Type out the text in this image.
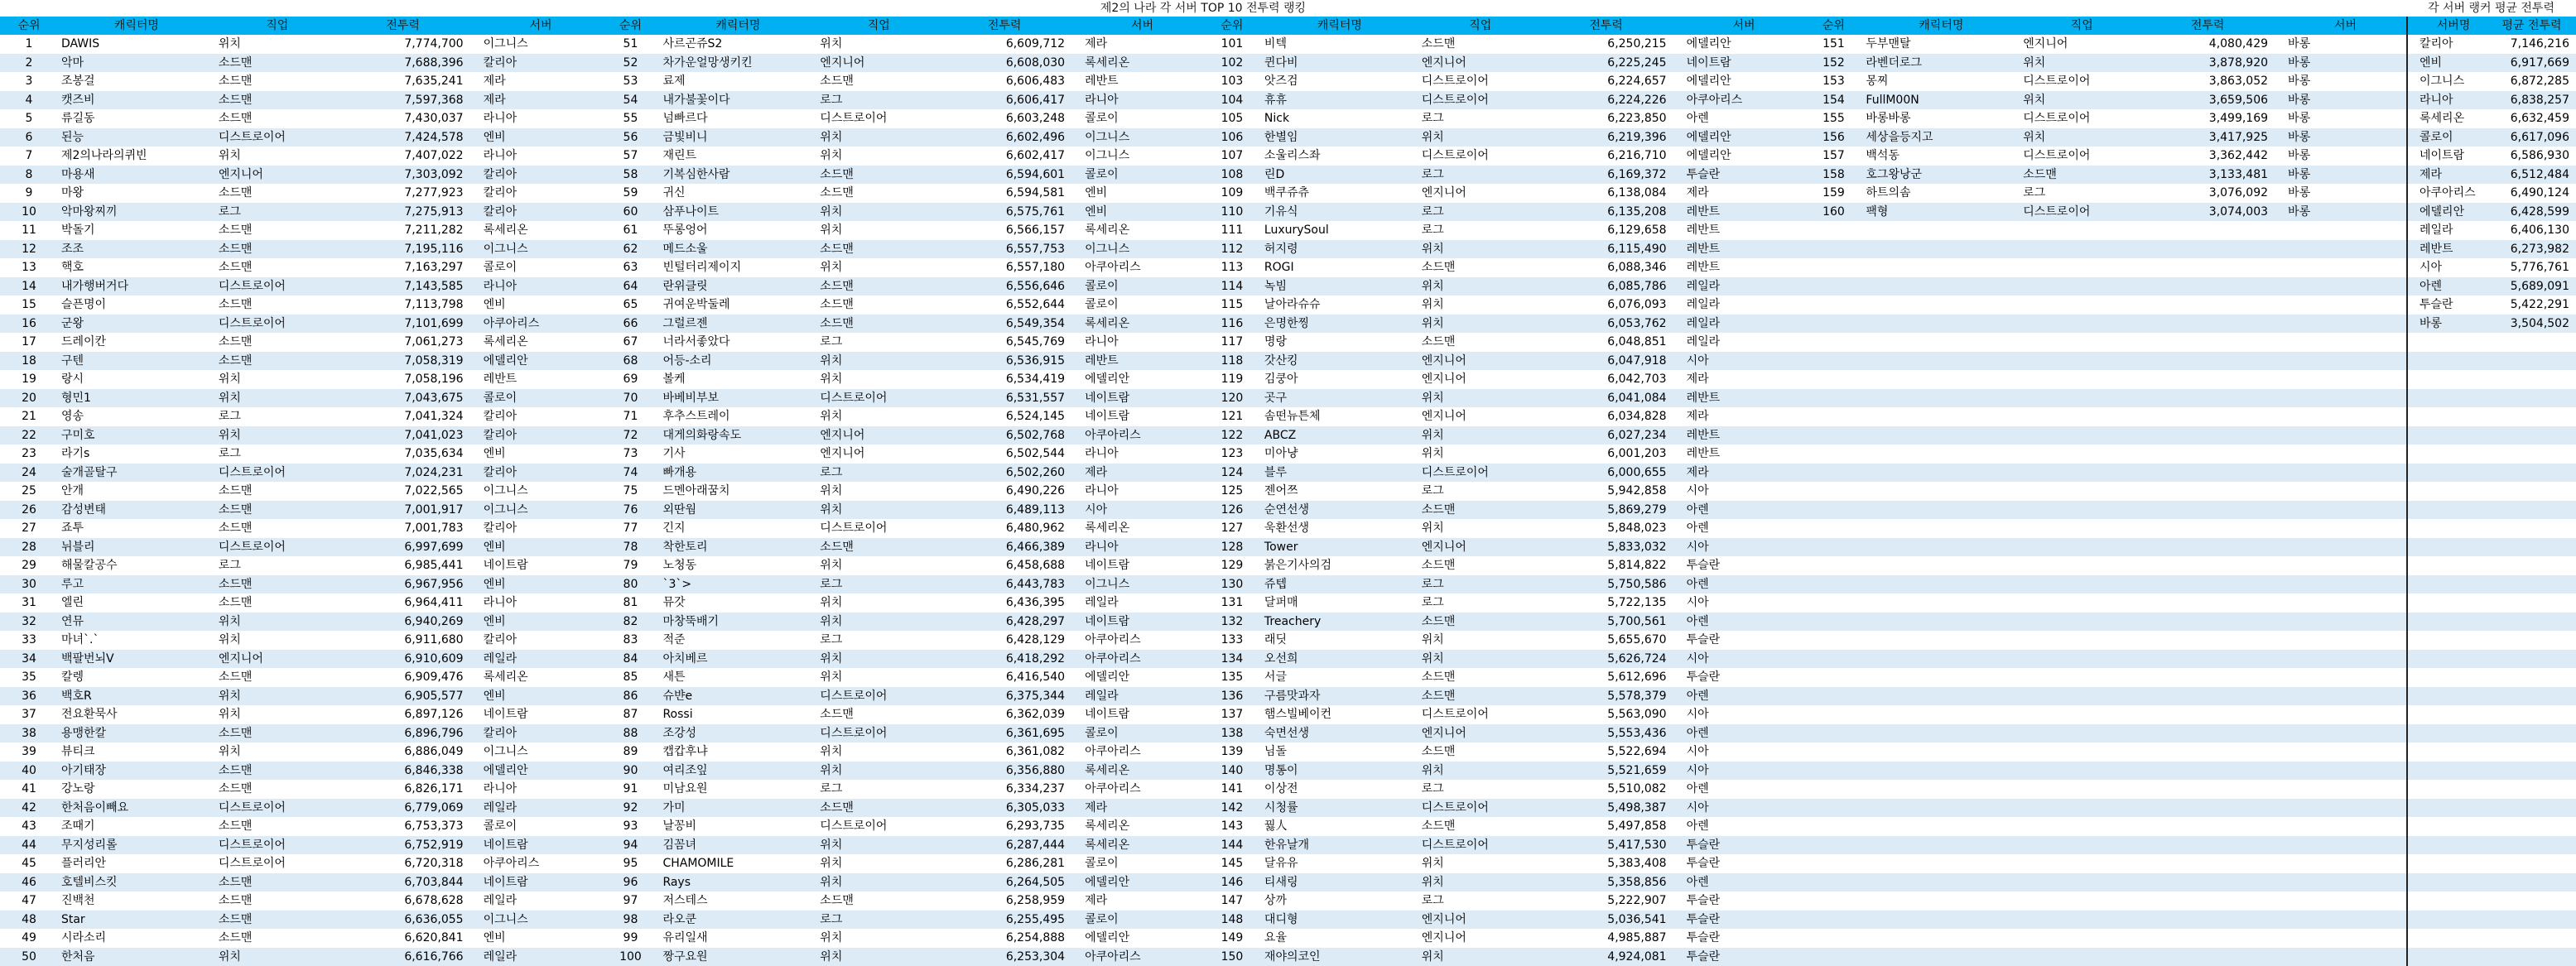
제2의 나라 각 서버 TOP 10 전투력 랭킹	각 서버 랭커 평균 전투력
순위	캐릭터명	직업	전투력	서버	순위	캐릭터명	직업	전투력	서버	순위	캐릭터명	직업	전투력	서버	순위	캐릭터명	직업	전투력	서버
1	DAWIS	위치	7,774,700	이그니스	51	사르곤쥬S2	위치	6,609,712	제라	101	비텍	소드맨	6,250,215	에델리안	151	두부맨탈	엔지니어	4,080,429	바롱
2	악마	소드맨	7,688,396	칼리아	52	차가운얼망생키킨	엔지니어	6,608,030	록세리온	102	퀸다비	엔지니어	6,225,245	네이트람	152	라벤더로그	위치	3,878,920	바롱
3	조봉걸	소드맨	7,635,241	제라	53	료제	소드맨	6,606,483	레반트	103	앗즈검	디스트로이어	6,224,657	에델리안	153	몽찌	디스트로이어	3,863,052	바롱
4	캣즈비	소드맨	7,597,368	제라	54	내가불꽃이다	로그	6,606,417	라니아	104	휴휴	디스트로이어	6,224,226	아쿠아리스	154	FullM00N	위치	3,659,506	바롱
5	류길동	소드맨	7,430,037	라니아	55	넘빠르다	디스트로이어	6,603,248	콜로이	105	Nick	로그	6,223,850	아렌	155	바롱바롱	디스트로이어	3,499,169	바롱
6	된능	디스트로이어	7,424,578	엔비	56	금빛비니	위치	6,602,496	이그니스	106	한별임	위치	6,219,396	에델리안	156	세상을등지고	위치	3,417,925	바롱
7	제2의나라의퀴빈	위치	7,407,022	라니아	57	재린트	위치	6,602,417	이그니스	107	소울리스좌	디스트로이어	6,216,710	에델리안	157	백석동	디스트로이어	3,362,442	바롱
8	마용새	엔지니어	7,303,092	칼리아	58	기복심한사람	소드맨	6,594,601	콜로이	108	린D	로그	6,169,372	투슬란	158	호그왕낭군	소드맨	3,133,481	바롱
9	마왕	소드맨	7,277,923	칼리아	59	귀신	소드맨	6,594,581	엔비	109	백쿠쥬츄	엔지니어	6,138,084	제라	159	하트의솜	로그	3,076,092	바롱
10	악마왕찌끼	로그	7,275,913	칼리아	60	삼푸나이트	위치	6,575,761	엔비	110	기유식	로그	6,135,208	레반트	160	팩형	디스트로이어	3,074,003	바롱
11	박돌기	소드맨	7,211,282	록세리온	61	뚜롱엉어	위치	6,566,157	록세리온	111	LuxurySoul	로그	6,129,658	레반트
12	조조	소드맨	7,195,116	이그니스	62	메드소울	소드맨	6,557,753	이그니스	112	허지령	위치	6,115,490	레반트
13	핵호	소드맨	7,163,297	콜로이	63	빈털터리제이지	위치	6,557,180	아쿠아리스	113	ROGI	소드맨	6,088,346	레반트
14	내가행버거다	디스트로이어	7,143,585	라니아	64	란위클릿	소드맨	6,556,646	콜로이	114	녹빔	위치	6,085,786	레일라
15	슬픈명이	소드맨	7,113,798	엔비	65	귀여운박둘레	소드맨	6,552,644	콜로이	115	날아라슈슈	위치	6,076,093	레일라
16	군왕	디스트로이어	7,101,699	아쿠아리스	66	그럴르젠	소드맨	6,549,354	록세리온	116	은명한찡	위치	6,053,762	레일라
17	드레이칸	소드맨	7,061,273	록세리온	67	너라서좋았다	로그	6,545,769	라니아	117	명랑	소드맨	6,048,851	레일라
18	구텐	소드맨	7,058,319	에델리안	68	어등-소리	위치	6,536,915	레반트	118	갓산킹	엔지니어	6,047,918	시아
19	랑시	위치	7,058,196	레반트	69	볼케	위치	6,534,419	에델리안	119	김쿵아	엔지니어	6,042,703	제라
20	형민1	위치	7,043,675	콜로이	70	바베비부보	디스트로이어	6,531,557	네이트람	120	곳구	위치	6,041,084	레반트
21	영송	로그	7,041,324	칼리아	71	후추스트레이	위치	6,524,145	네이트람	121	솜떤뉴튼체	엔지니어	6,034,828	제라
22	구미호	위치	7,041,023	칼리아	72	대게의화랑속도	엔지니어	6,502,768	아쿠아리스	122	ABCZ	위치	6,027,234	레반트
23	라기s	로그	7,035,634	엔비	73	기사	엔지니어	6,502,544	라니아	123	미아냥	위치	6,001,203	레반트
24	술개골탈구	디스트로이어	7,024,231	칼리아	74	빠개용	로그	6,502,260	제라	124	블루	디스트로이어	6,000,655	제라
25	안개	소드맨	7,022,565	이그니스	75	드멘아래꿈치	위치	6,490,226	라니아	125	젠어쯔	로그	5,942,858	시아
26	감성변태	소드맨	7,001,917	이그니스	76	외딴웜	위치	6,489,113	시아	126	순연선생	소드맨	5,869,279	아렌
27	죠투	소드맨	7,001,783	칼리아	77	긴지	디스트로이어	6,480,962	록세리온	127	욱환선생	위치	5,848,023	아렌
28	뉘블리	디스트로이어	6,997,699	엔비	78	착한토리	소드맨	6,466,389	라니아	128	Tower	엔지니어	5,833,032	시아
29	해물칼공수	로그	6,985,441	네이트람	79	노청동	위치	6,458,688	네이트람	129	붉은기사의검	소드맨	5,814,822	투슬란
30	루고	소드맨	6,967,956	엔비	80	`3`>	로그	6,443,783	이그니스	130	쥬텝	로그	5,750,586	아렌
31	엘린	소드맨	6,964,411	라니아	81	뮤갓	위치	6,436,395	레일라	131	달퍼매	로그	5,722,135	시아
32	연뮤	위치	6,940,269	엔비	82	마창뚝배기	위치	6,428,297	네이트람	132	Treachery	소드맨	5,700,561	아렌
33	마녀`.`	위치	6,911,680	칼리아	83	적준	로그	6,428,129	아쿠아리스	133	래딧	위치	5,655,670	투슬란
34	백팔번뇌V	엔지니어	6,910,609	레일라	84	아치베르	위치	6,418,292	아쿠아리스	134	오선희	위치	5,626,724	시아
35	칼렝	소드맨	6,909,476	록세리온	85	새튼	위치	6,416,540	에델리안	135	서글	소드맨	5,612,696	투슬란
36	백호R	위치	6,905,577	엔비	86	슈뱐e	디스트로이어	6,375,344	레일라	136	구름맛과자	소드맨	5,578,379	아렌
37	전요환묵사	위치	6,897,126	네이트람	87	Rossi	소드맨	6,362,039	네이트람	137	햄스빌베이컨	디스트로이어	5,563,090	시아
38	용맹한칼	소드맨	6,896,796	칼리아	88	조강성	디스트로이어	6,361,695	콜로이	138	숙면선생	엔지니어	5,553,436	아렌
39	뷰티크	위치	6,886,049	이그니스	89	캡캅후냐	위치	6,361,082	아쿠아리스	139	님돌	소드맨	5,522,694	시아
40	아기태장	소드맨	6,846,338	에델리안	90	여리조잎	위치	6,356,880	록세리온	140	명통이	위치	5,521,659	시아
41	강노랑	소드맨	6,826,171	라니아	91	미남요원	로그	6,334,237	아쿠아리스	141	이상전	로그	5,510,082	아렌
42	한처음이빼요	디스트로이어	6,779,069	레일라	92	가미	소드맨	6,305,033	제라	142	시청률	디스트로이어	5,498,387	시아
43	조때기	소드맨	6,753,373	콜로이	93	날꽁비	디스트로이어	6,293,735	록세리온	143	꿣人	소드맨	5,497,858	아렌
44	무지성리롤	디스트로이어	6,752,919	네이트람	94	김꼼녀	위치	6,287,444	록세리온	144	한유날개	디스트로이어	5,417,530	투슬란
45	플러리안	디스트로이어	6,720,318	아쿠아리스	95	CHAMOMILE	위치	6,286,281	콜로이	145	달유유	위치	5,383,408	투슬란
46	호텔비스킷	소드맨	6,703,844	네이트람	96	Rays	위치	6,264,505	에델리안	146	티새링	위치	5,358,856	아렌
47	진백천	소드맨	6,678,628	레일라	97	저스테스	소드맨	6,258,959	제라	147	상까	로그	5,222,907	투슬란
48	Star	소드맨	6,636,055	이그니스	98	라오쿤	로그	6,255,495	콜로이	148	대디형	엔지니어	5,036,541	투슬란
49	시라소리	소드맨	6,620,841	엔비	99	유리일새	위치	6,254,888	에델리안	149	요율	엔지니어	4,985,887	투슬란
50	한처음	위치	6,616,766	레일라	100	짱구요원	위치	6,253,304	아쿠아리스	150	재야의코인	위치	4,924,081	투슬란
서버명	평균 전투력
칼리아	7,146,216
엔비	6,917,669
이그니스	6,872,285
라니아	6,838,257
록세리온	6,632,459
콜로이	6,617,096
네이트람	6,586,930
제라	6,512,484
아쿠아리스	6,490,124
에델리안	6,428,599
레일라	6,406,130
레반트	6,273,982
시아	5,776,761
아렌	5,689,091
투슬란	5,422,291
바롱	3,504,502
